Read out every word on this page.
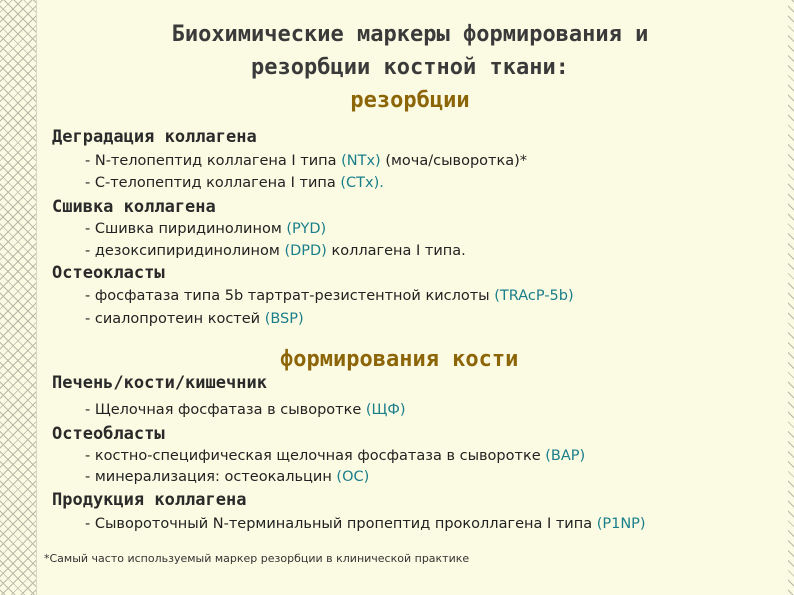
Биохимические маркеры формирования и
резорбции костной ткани:
резорбции
Деградация коллагена
- N-телопептид коллагена I типа (NTx) (моча/сыворотка)*
- С-телопептид коллагена I типа (CTx).
Сшивка коллагена
- Сшивка пиридинолином (PYD)
- дезоксипиридинолином (DPD) коллагена I типа.
Остеокласты
- фосфатаза типа 5b тартрат-резистентной кислоты (TRAcP-5b)
- сиалопротеин костей (BSP)
формирования кости
Печень/кости/кишечник
- Щелочная фосфатаза в сыворотке (ЩФ)
Остеобласты
- костно-специфическая щелочная фосфатаза в сыворотке (BAP)
- минерализация: остеокальцин (OC)
Продукция коллагена
- Сывороточный N-терминальный пропептид проколлагена I типа (P1NP)
*Самый часто используемый маркер резорбции в клинической практике
